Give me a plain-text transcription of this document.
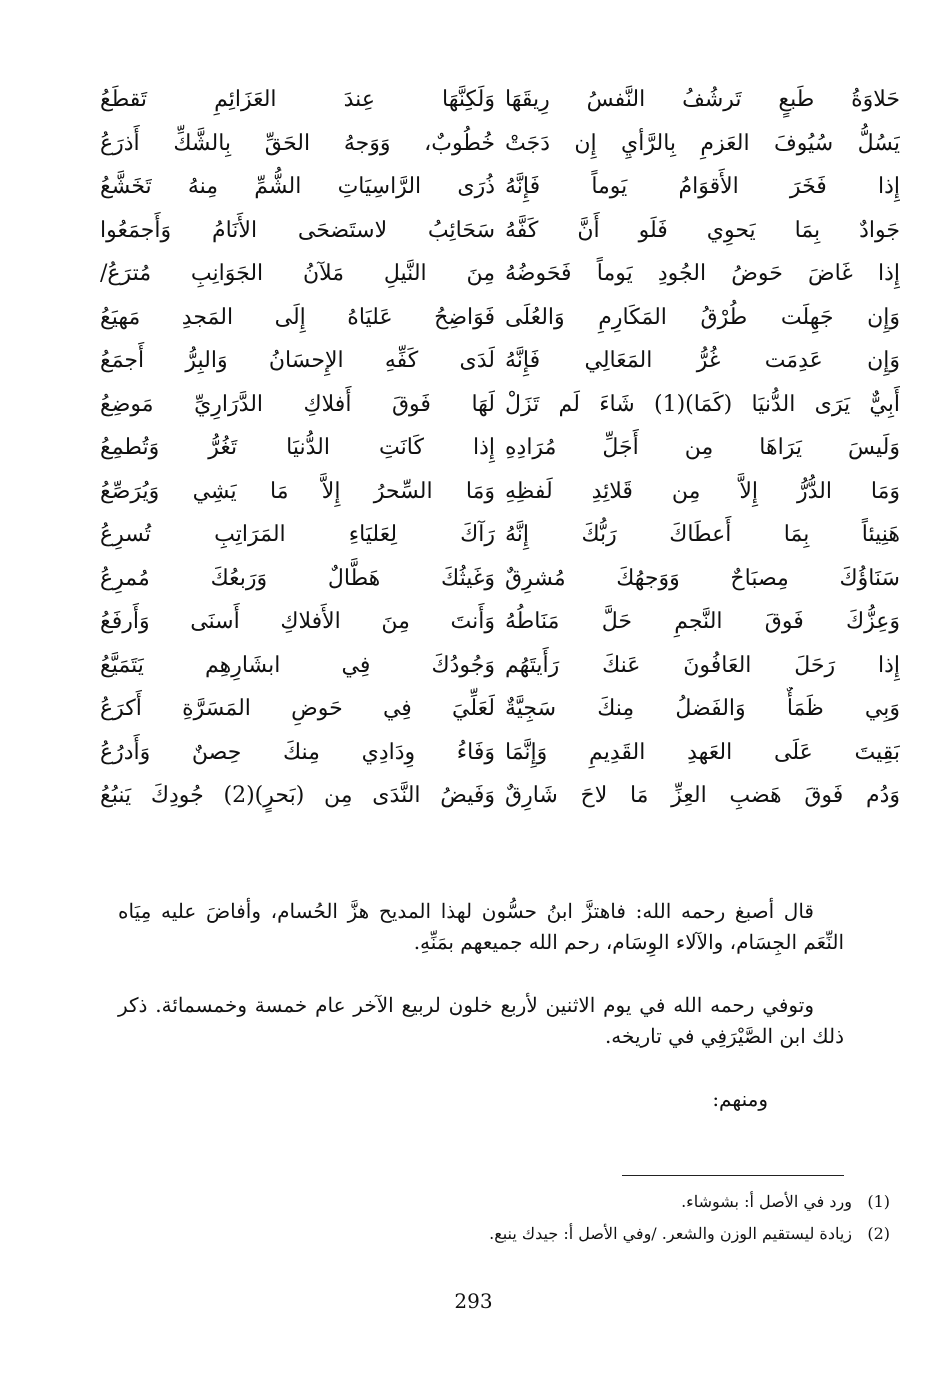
حَلاوَةُ طَبعٍ تَرشُفُ النَّفسُ رِيقَهَا
يَسُلُّ سُيُوفَ العَزمِ بِالرَّأيِ إِن دَجَتْ
إِذا فَخَرَ الأَقوَامُ يَوماً فَإِنَّهُ
جَوادٌ بِمَا يَحوِي فَلَو أَنَّ كَفَّهُ
إِذا غَاضَ حَوضُ الجُودِ يَوماً فَحَوضُهُ
وَإِن جَهِلَت طُرْقُ المَكَارِمِ وَالعُلَى
وَإِن عَدِمَت غُرُّ المَعَالِي فَإِنَّهُ
أَبِيٌّ يَرَى الدُّنيَا (كَمَا)(1) شَاءَ لَم تَزَلْ
وَلَيسَ يَرَاهَا مِن أَجَلِّ مُرَادِهِ
وَمَا الدُّرُّ إِلاَّ مِن قَلائِدِ لَفظِهِ
هَنِيئاً بِمَا أَعطَاكَ رَبُّكَ إِنَّهُ
سَنَاؤُكَ مِصبَاحٌ وَوَجهُكَ مُشرِقٌ
وَعِزُّكَ فَوقَ النَّجمِ حَلَّ مَنَاطُهُ
إِذا رَحَلَ العَافُونَ عَنكَ رَأَيتَهُم
وَبِي ظَمَأٌ وَالفَضلُ مِنكَ سَجِيَّةٌ
بَقِيتَ عَلَى العَهدِ القَدِيمِ وَإِنَّمَا
وَدُم فَوقَ هَضبِ العِزِّ مَا لاحَ شَارِقٌ
وَلَكِنَّهَا عِندَ العَزَائِمِ تَقطَعُ
خُطُوبٌ، وَوَجهُ الحَقِّ بِالشَّكِّ أَذرَعُ
ذُرَى الرَّاسِيَاتِ الشُّمِّ مِنهُ تَخَشَّعُ
سَحَائِبُ لاستَضحَى الأَنَامُ وَأَجمَعُوا
مِنَ النَّيلِ مَلآنُ الجَوَانِبِ مُترَعُ/
فَوَاضِحُ عَليَاهُ إِلَى المَجدِ مَهيَعُ
لَدَى كَفِّهِ الإِحسَانُ وَالبِرُّ أَجمَعُ
لَهَا فَوقَ أَفلاكِ الدَّرَارِيِّ مَوضِعُ
إِذا كَانَتِ الدُّنيَا تَغُرُّ وَتُطمِعُ
وَمَا السِّحرُ إِلاَّ مَا يَشِي وَيُرَصِّعُ
رَآكَ لِعَليَاءِ المَرَاتِبِ تُسرِعُ
وَغَيثُكَ هَطَّالٌ وَرَبعُكَ مُمرِعُ
وَأَنتَ مِنَ الأَفلاكِ أَسنَى وَأَرفَعُ
وَجُودُكَ فِي ابشَارِهِم يَتَمَيَّعُ
لَعَلِّيَ فِي حَوضِ المَسَرَّةِ أَكرَعُ
وَفَاءُ وِدَادِي مِنكَ حِصنٌ وَأَدرُعُ
وَفَيضُ النَّدَى مِن (بَحرٍ)(2) جُودِكَ يَنبُعُ

قال أصبغ رحمه الله: فاهتزَّ ابنُ حسُّون لهذا المديح هزَّ الحُسام، وأفاضَ عليه مِيَاه النِّعَم الجِسَام، والآلاء الوِسَام، رحم الله جميعهم بمَنِّهِ.

وتوفي رحمه الله في يوم الاثنين لأربع خلون لربيع الآخر عام خمسة وخمسمائة. ذكر ذلك ابن الصَّيْرَفِي في تاريخه.

ومنهم:

(1)ورد في الأصل أ: بشوشاء.
(2)زيادة ليستقيم الوزن والشعر. /وفي الأصل أ: جيدك ينبع.
293
